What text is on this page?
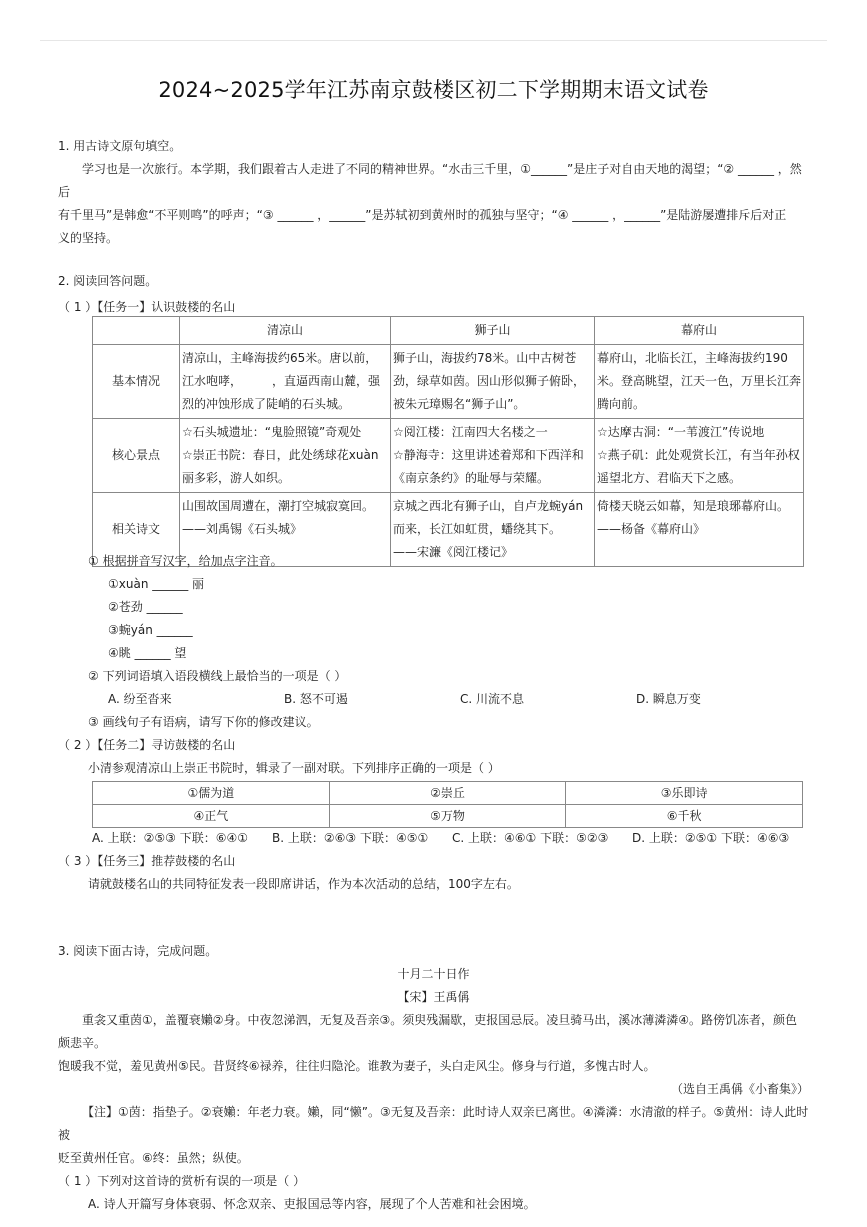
2024~2025学年江苏南京鼓楼区初二下学期期末语文试卷
1. 用古诗文原句填空。
学习也是一次旅行。本学期，我们跟着古人走进了不同的精神世界。“水击三千里，①______”是庄子对自由天地的渴望；“② ______ ，然后
有千里马”是韩愈“不平则鸣”的呼声；“③ ______ ，______”是苏轼初到黄州时的孤独与坚守；“④ ______ ，______”是陆游屡遭排斥后对正
义的坚持。
2. 阅读回答问题。
（ 1 ）【任务一】认识鼓楼的名山
	清凉山	狮子山	幕府山
基本情况	清凉山，主峰海拔约65米。唐以前，江水咆哮，　　　，直逼西南山麓，强烈的冲蚀形成了陡峭的石头城。	狮子山，海拔约78米。山中古树苍劲，绿草如茵。因山形似狮子俯卧，被朱元璋赐名“狮子山”。	幕府山，北临长江，主峰海拔约190米。登高眺望，江天一色，万里长江奔腾向前。
核心景点	☆石头城遗址：“鬼脸照镜”奇观处
☆崇正书院：春日，此处绣球花xuàn丽多彩，游人如织。	☆阅江楼：江南四大名楼之一
☆静海寺：这里讲述着郑和下西洋和《南京条约》的耻辱与荣耀。	☆达摩古洞：“一苇渡江”传说地
☆燕子矶：此处观赏长江，有当年孙权遥望北方、君临天下之感。
相关诗文	山围故国周遭在，潮打空城寂寞回。
——刘禹锡《石头城》	京城之西北有狮子山，自卢龙蜿yán而来，长江如虹贯，蟠绕其下。
——宋濂《阅江楼记》	倚楼天晓云如幕，知是琅琊幕府山。
——杨备《幕府山》
① 根据拼音写汉字，给加点字注音。
①xuàn ______ 丽
②苍劲 ______
③蜿yán ______
④眺 ______ 望
② 下列词语填入语段横线上最恰当的一项是（ ）
A. 纷至沓来	B. 怒不可遏	C. 川流不息	D. 瞬息万变
③ 画线句子有语病，请写下你的修改建议。
（ 2 ）【任务二】寻访鼓楼的名山
小清参观清凉山上崇正书院时，辑录了一副对联。下列排序正确的一项是（ ）
①儒为道	②崇丘	③乐即诗
④正气	⑤万物	⑥千秋
A. 上联：②⑤③ 下联：⑥④①	B. 上联：②⑥③ 下联：④⑤①	C. 上联：④⑥① 下联：⑤②③	D. 上联：②⑤① 下联：④⑥③
（ 3 ）【任务三】推荐鼓楼的名山
请就鼓楼名山的共同特征发表一段即席讲话，作为本次活动的总结，100字左右。
3. 阅读下面古诗，完成问题。
十月二十日作
【宋】王禹偁
重衾又重茵①，盖覆衰嬾②身。中夜忽涕泗，无复及吾亲③。须臾残漏歇，吏报国忌辰。凌旦骑马出，溪冰薄潾潾④。路傍饥冻者，颜色颇悲辛。
饱暖我不觉，羞见黄州⑤民。昔贤终⑥禄养，往往归隐沦。谁教为妻子，头白走风尘。修身与行道，多愧古时人。
（选自王禹偁《小畜集》）
【注】①茵：指垫子。②衰嬾：年老力衰。嬾，同“懒”。③无复及吾亲：此时诗人双亲已离世。④潾潾：水清澈的样子。⑤黄州：诗人此时被
贬至黄州任官。⑥终：虽然；纵使。
（ 1 ）下列对这首诗的赏析有误的一项是（ ）
A. 诗人开篇写身体衰弱、怀念双亲、吏报国忌等内容，展现了个人苦难和社会困境。
